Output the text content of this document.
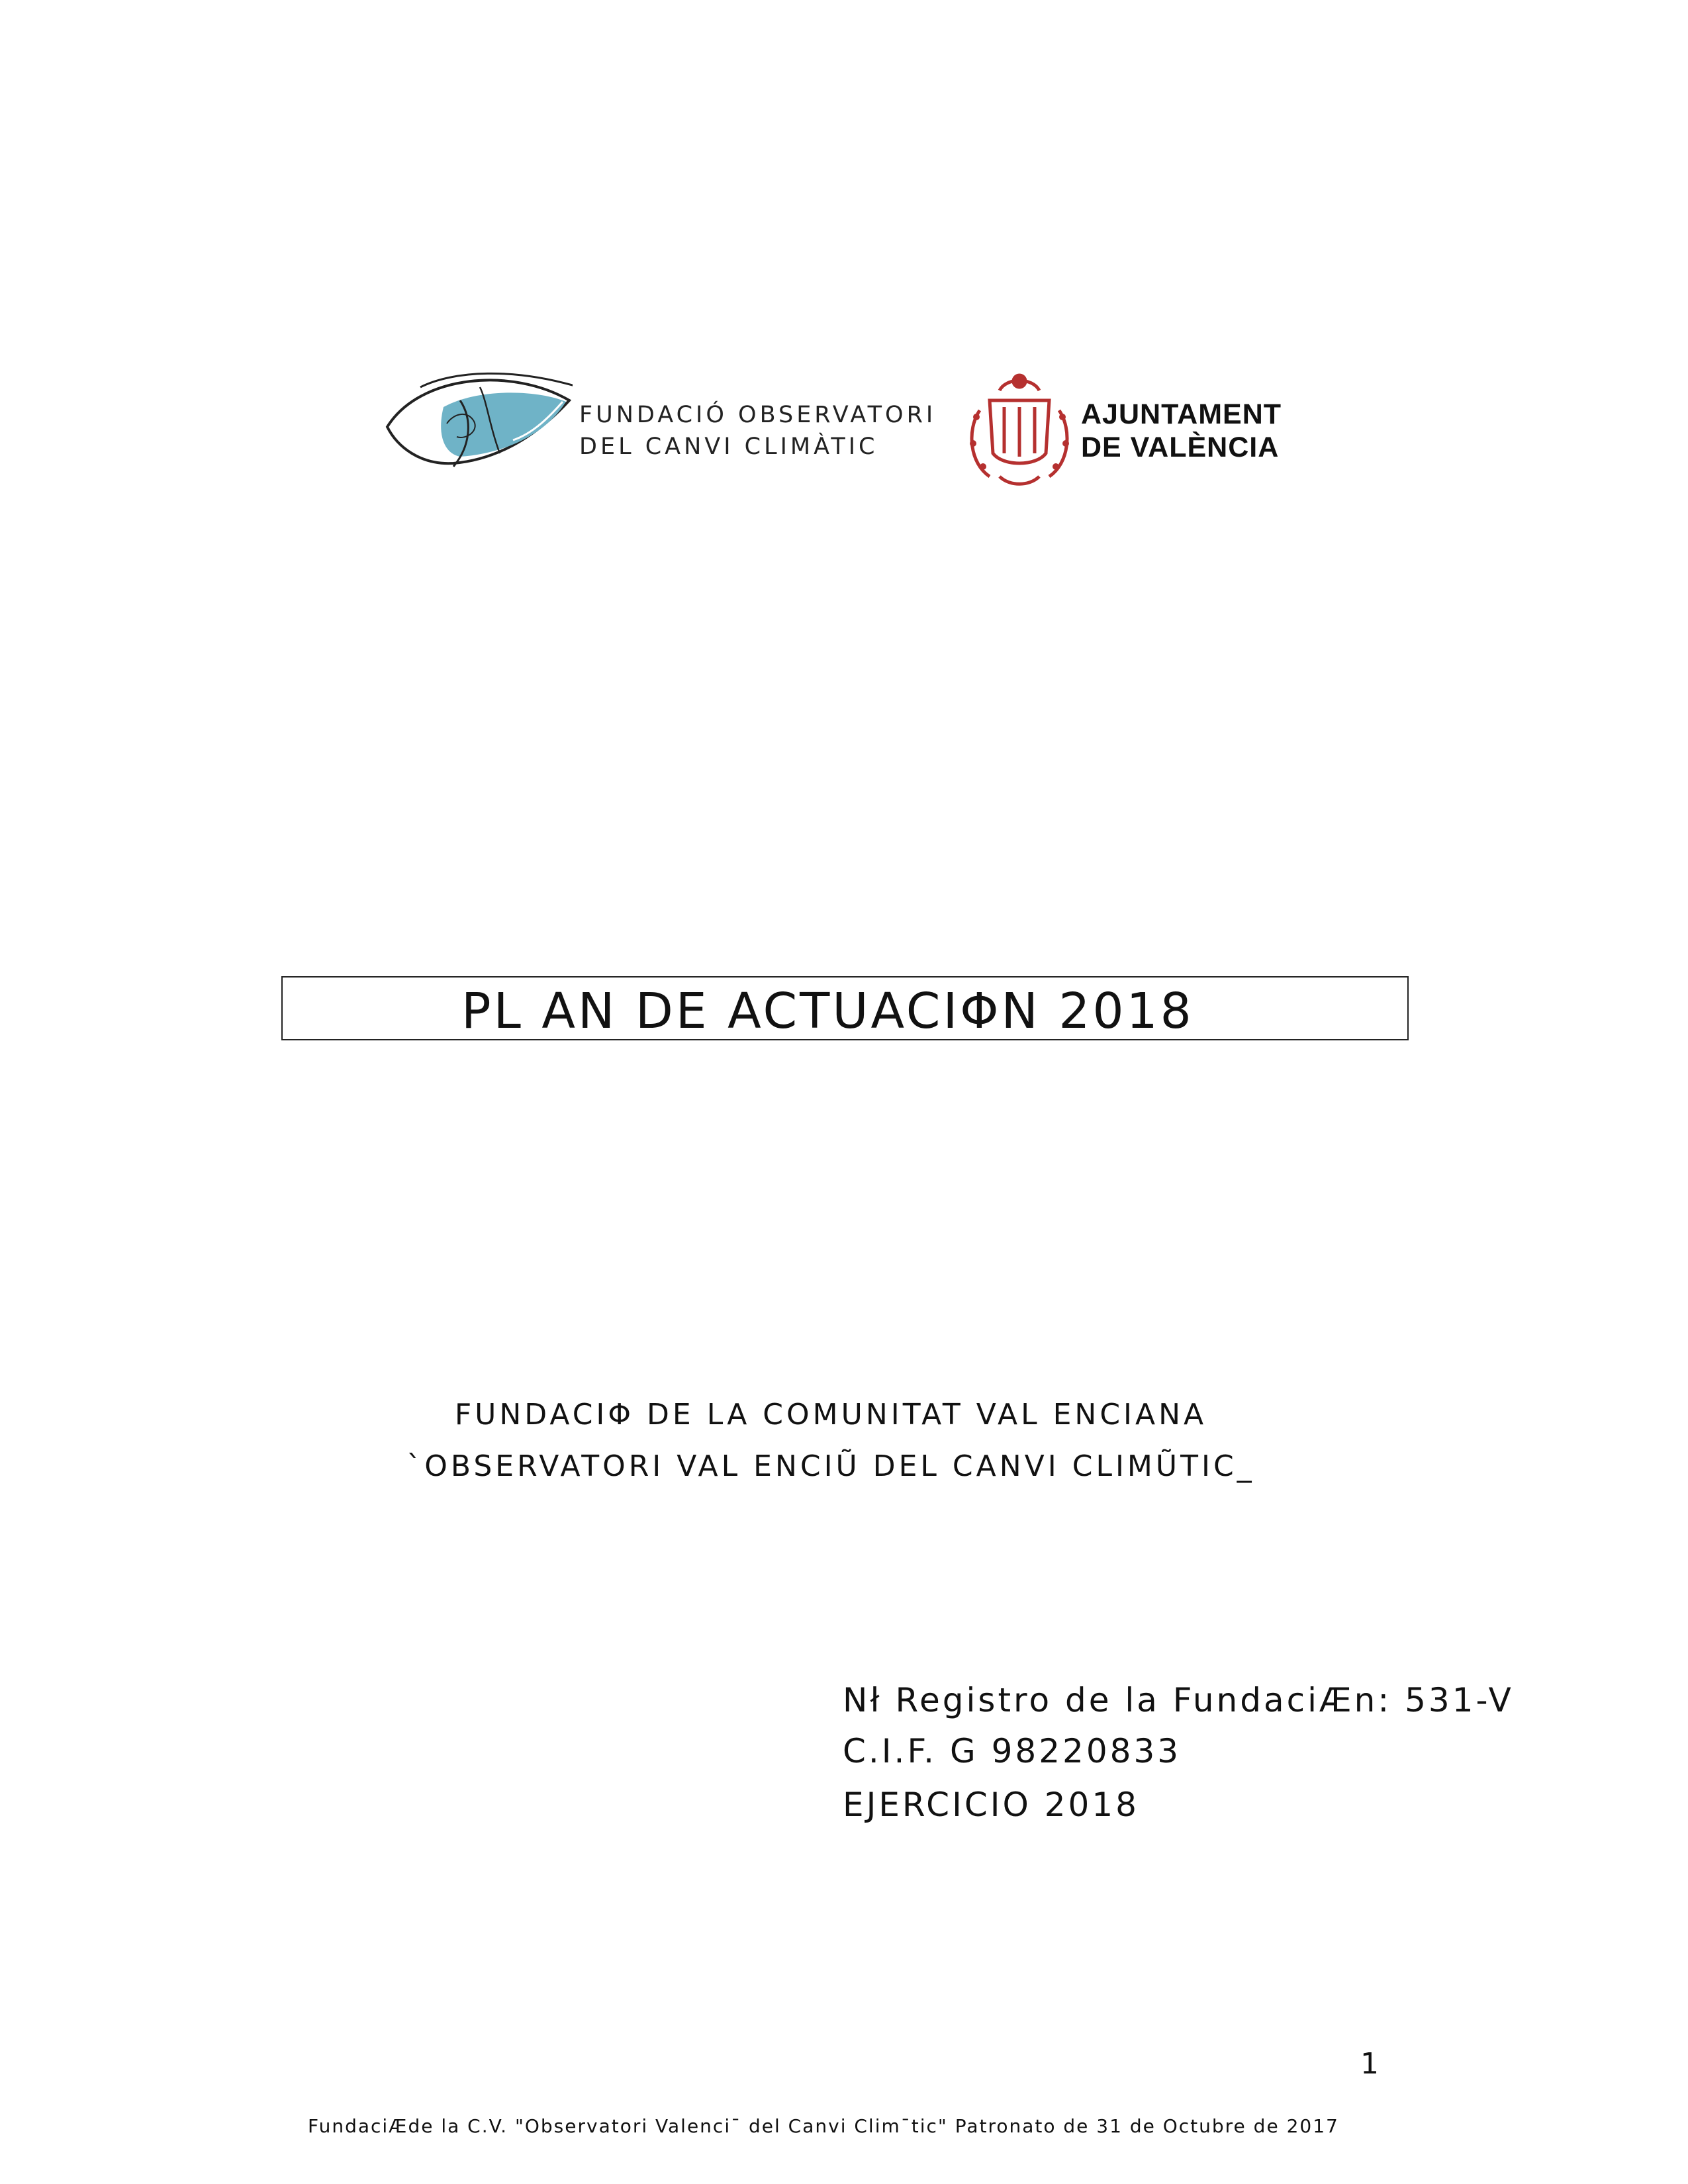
FUNDACIÓ OBSERVATORI
DEL CANVI CLIMÀTIC
AJUNTAMENT
DE VALÈNCIA
PL AN DE ACTUACIΦN 2018
FUNDACIΦ DE LA COMUNITAT VAL ENCIANA
`OBSERVATORI VAL ENCIŨ DEL CANVI CLIMŨTIC_
Nł Registro de la FundaciÆn: 531-V
C.I.F. G 98220833
EJERCICIO 2018
1
FundaciÆde la C.V. "Observatori Valenci¯ del Canvi Clim¯tic" Patronato de 31 de Octubre de 2017
